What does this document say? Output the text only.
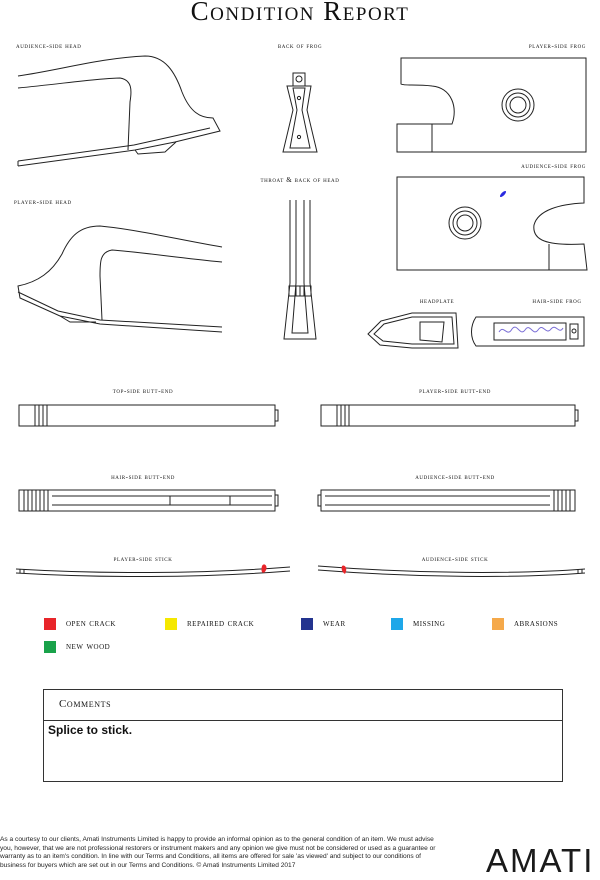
Condition Report
audience-side head	back of frog	player-side frog
audience-side frog
player-side head
throat & back of head
headplate	hair-side frog
top-side butt-end	player-side butt-end
hair-side butt-end	audience-side butt-end
player-side stick	audience-side stick
open crack	repaired crack	wear	missing	abrasions
new wood
Comments
Splice to stick.
As a courtesy to our clients, Amati Instruments Limited is happy to provide an informal opinion as to the general condition of an item. We must advise you, however, that we are not professional restorers or instrument makers and any opinion we give must not be considered or used as a guarantee or warranty as to an item's condition. In line with our Terms and Conditions, all items are offered for sale 'as viewed' and subject to our conditions of business for buyers which are set out in our Terms and Conditions. © Amati Instruments Limited 2017	AMATI
